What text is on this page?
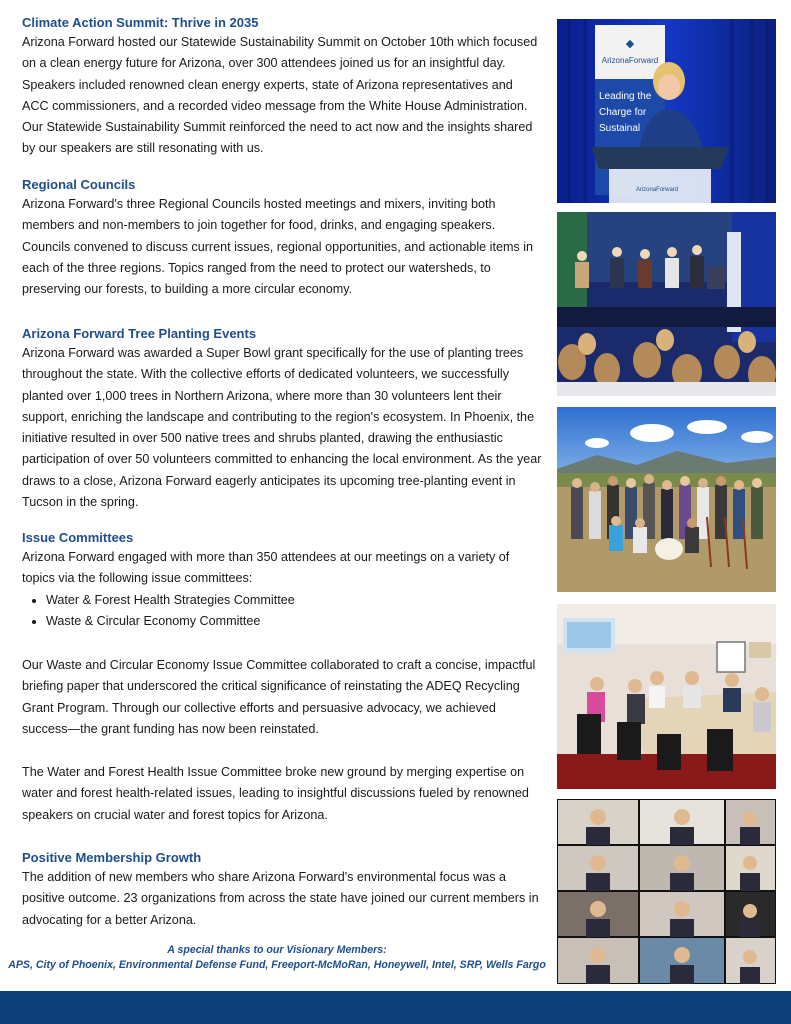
Climate Action Summit: Thrive in 2035

Arizona Forward hosted our Statewide Sustainability Summit on October 10th which focused on a clean energy future for Arizona, over 300 attendees joined us for an insightful day. Speakers included renowned clean energy experts, state of Arizona representatives and ACC commissioners, and a recorded video message from the White House Administration. Our Statewide Sustainability Summit reinforced the need to act now and the insights shared by our speakers are still resonating with us.

Regional Councils

Arizona Forward's three Regional Councils hosted meetings and mixers, inviting both members and non-members to join together for food, drinks, and engaging speakers. Councils convened to discuss current issues, regional opportunities, and actionable items in each of the three regions. Topics ranged from the need to protect our watersheds, to preserving our forests, to building a more circular economy.

Arizona Forward Tree Planting Events

Arizona Forward was awarded a Super Bowl grant specifically for the use of planting trees throughout the state. With the collective efforts of dedicated volunteers, we successfully planted over 1,000 trees in Northern Arizona, where more than 30 volunteers lent their support, enriching the landscape and contributing to the region's ecosystem. In Phoenix, the initiative resulted in over 500 native trees and shrubs planted, drawing the enthusiastic participation of over 50 volunteers committed to enhancing the local environment. As the year draws to a close, Arizona Forward eagerly anticipates its upcoming tree-planting event in Tucson in the spring.

Issue Committees

Arizona Forward engaged with more than 350 attendees at our meetings on a variety of topics via the following issue committees:

• Water & Forest Health Strategies Committee
• Waste & Circular Economy Committee

Our Waste and Circular Economy Issue Committee collaborated to craft a concise, impactful briefing paper that underscored the critical significance of reinstating the ADEQ Recycling Grant Program. Through our collective efforts and persuasive advocacy, we achieved success—the grant funding has now been reinstated.

The Water and Forest Health Issue Committee broke new ground by merging expertise on water and forest health-related issues, leading to insightful discussions fueled by renowned speakers on crucial water and forest topics for Arizona.

Positive Membership Growth

The addition of new members who share Arizona Forward's environmental focus was a positive outcome. 23 organizations from across the state have joined our current members in advocating for a better Arizona.

A special thanks to our Visionary Members:
APS, City of Phoenix, Environmental Defense Fund, Freeport-McMoRan, Honeywell, Intel, SRP, Wells Fargo
◆
ArizonaForward
Leading the
Charge for
Sustainal
ArizonaForward
